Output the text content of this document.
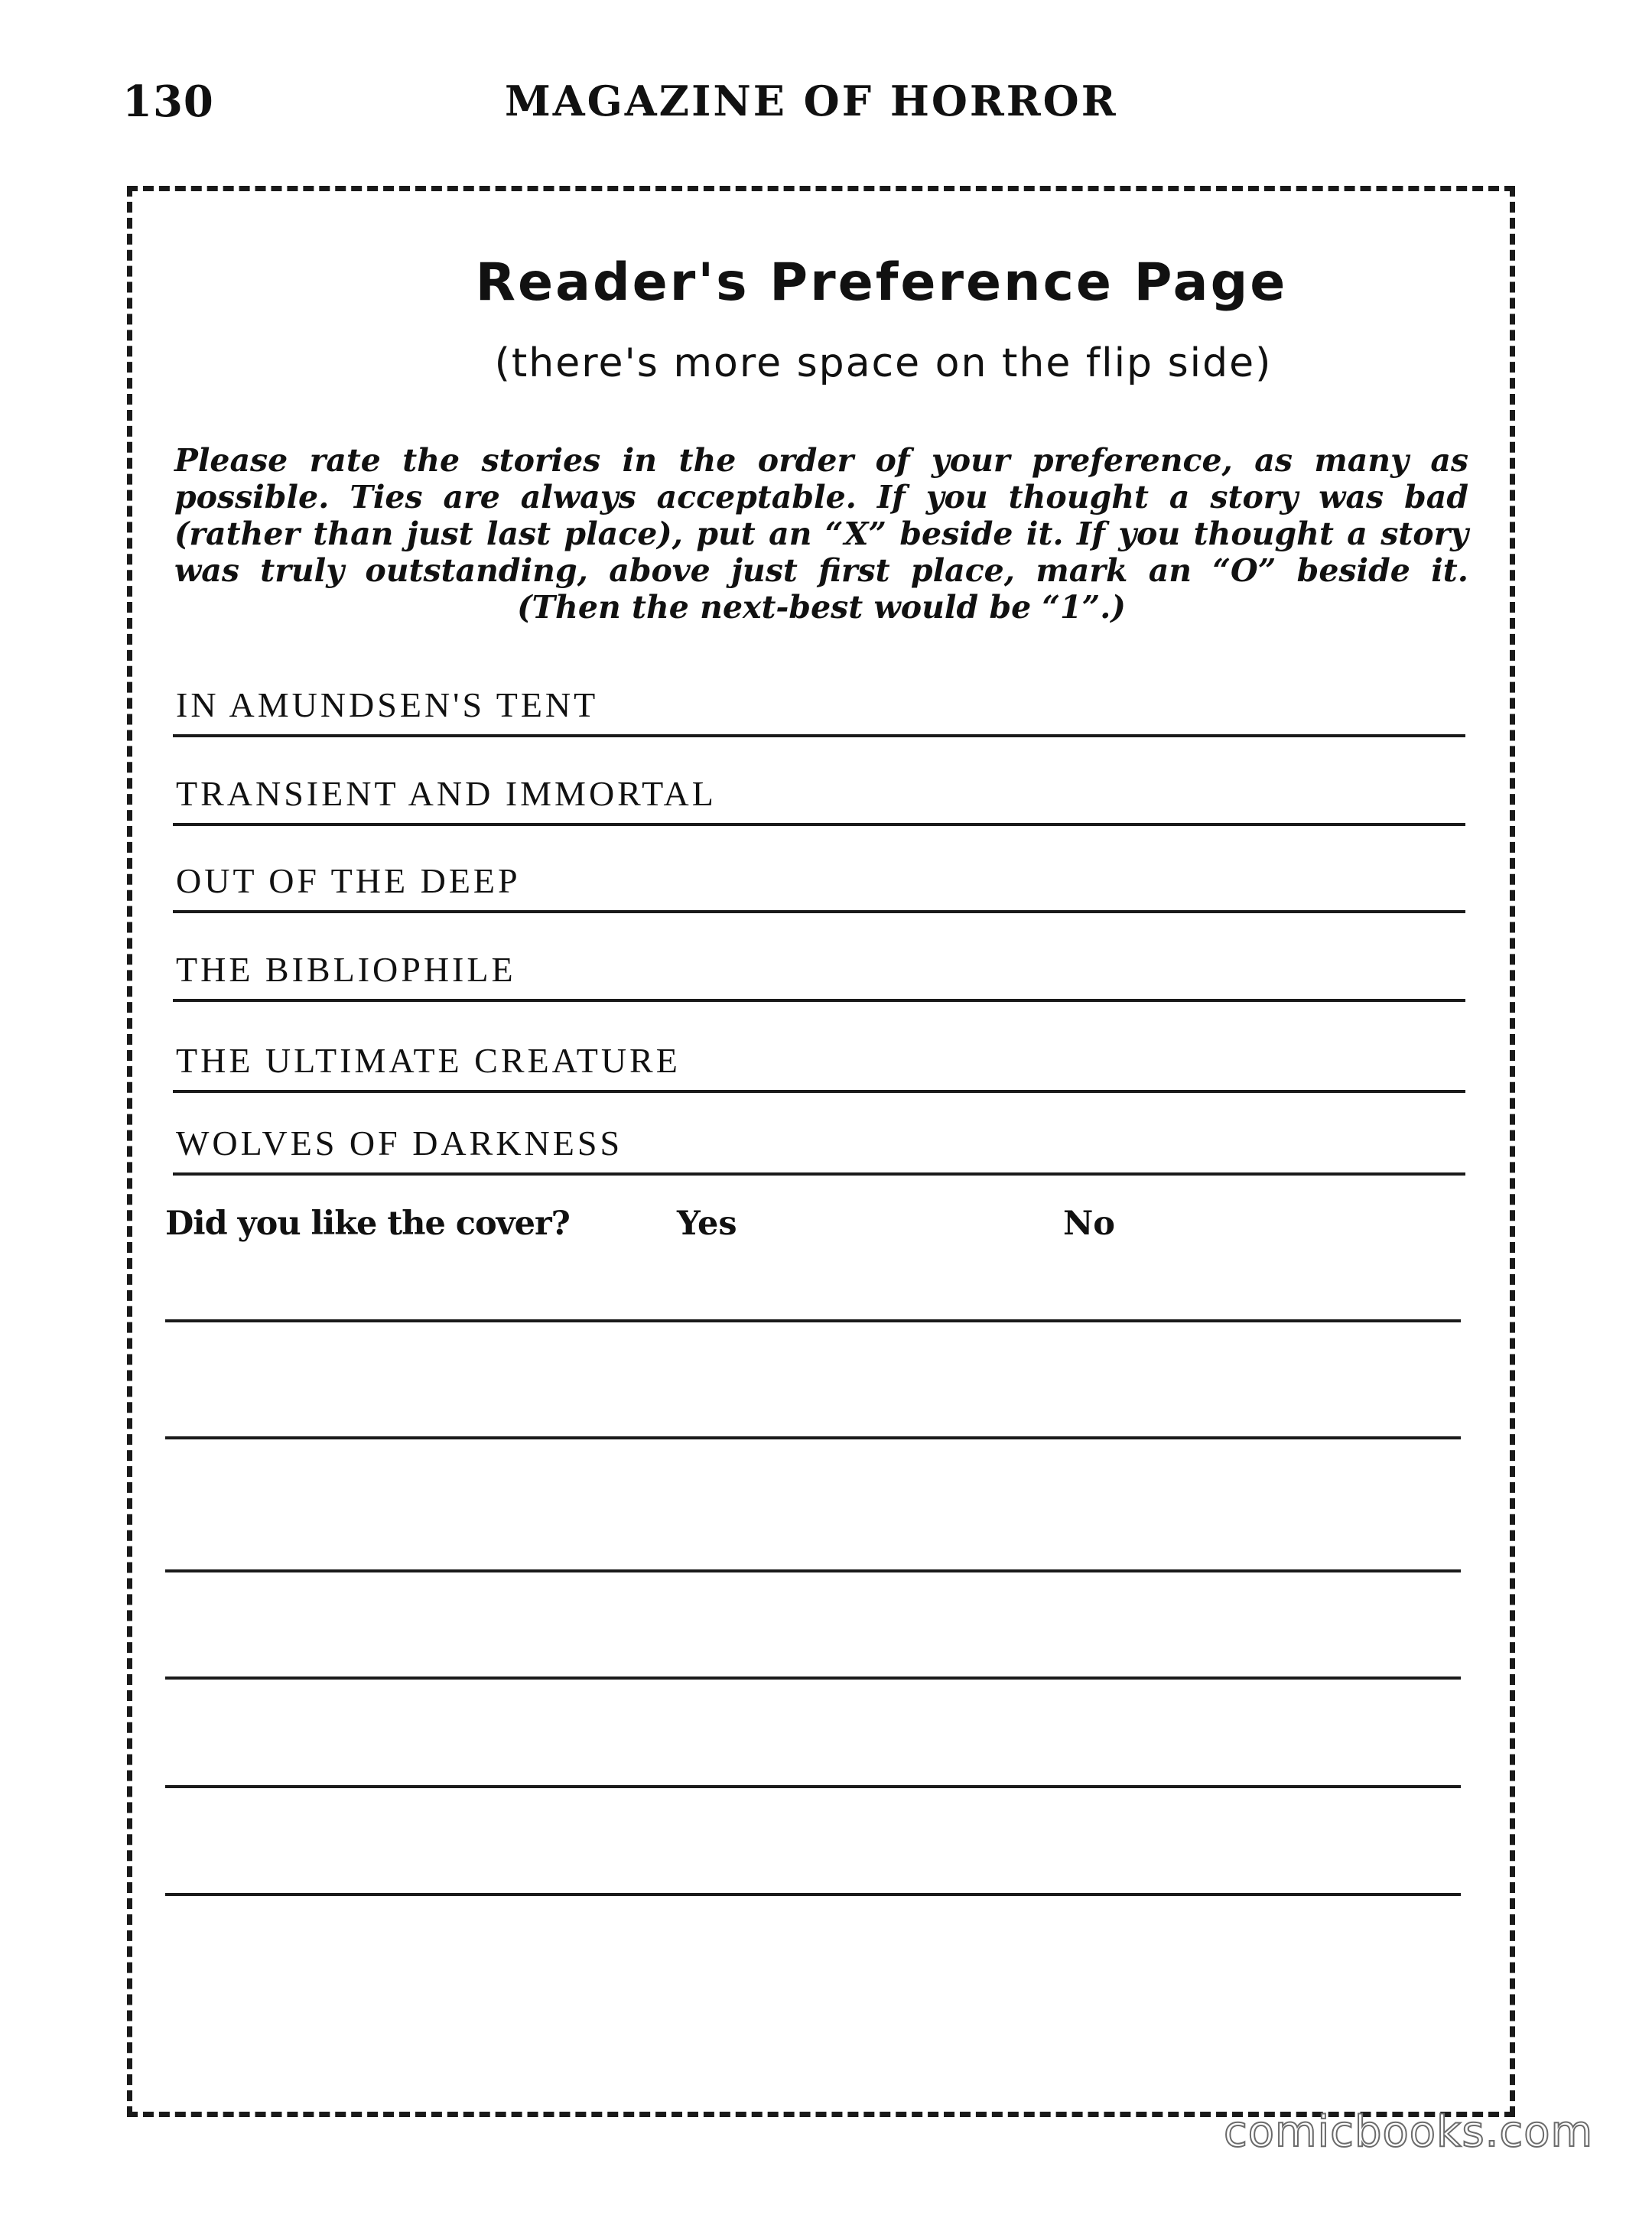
130	MAGAZINE OF HORROR
Reader's Preference Page
(there's more space on the flip side)

Please rate the stories in the order of your preference, as many as possible. Ties are always acceptable. If you thought a story was bad (rather than just last place), put an “X” beside it. If you thought a story was truly outstanding, above just first place, mark an “O” beside it. (Then the next-best would be “1”.)

IN AMUNDSEN'S TENT
TRANSIENT AND IMMORTAL
OUT OF THE DEEP
THE BIBLIOPHILE
THE ULTIMATE CREATURE
WOLVES OF DARKNESS
Did you like the cover?	Yes	No
comicbooks.com
